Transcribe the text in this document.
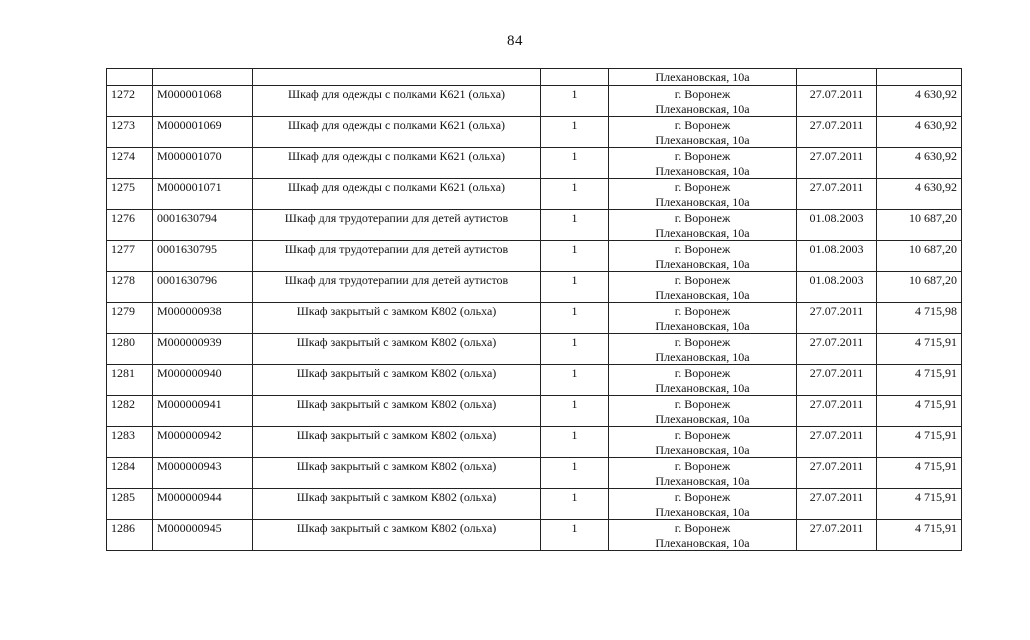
84
				Плехановская, 10а		
1272	М000001068	Шкаф для одежды с полками К621 (ольха)	1	г. Воронеж
Плехановская, 10а	27.07.2011	4 630,92
1273	М000001069	Шкаф для одежды с полками К621 (ольха)	1	г. Воронеж
Плехановская, 10а	27.07.2011	4 630,92
1274	М000001070	Шкаф для одежды с полками К621 (ольха)	1	г. Воронеж
Плехановская, 10а	27.07.2011	4 630,92
1275	М000001071	Шкаф для одежды с полками К621 (ольха)	1	г. Воронеж
Плехановская, 10а	27.07.2011	4 630,92
1276	0001630794	Шкаф для трудотерапии для детей аутистов	1	г. Воронеж
Плехановская, 10а	01.08.2003	10 687,20
1277	0001630795	Шкаф для трудотерапии для детей аутистов	1	г. Воронеж
Плехановская, 10а	01.08.2003	10 687,20
1278	0001630796	Шкаф для трудотерапии для детей аутистов	1	г. Воронеж
Плехановская, 10а	01.08.2003	10 687,20
1279	М000000938	Шкаф закрытый с замком К802 (ольха)	1	г. Воронеж
Плехановская, 10а	27.07.2011	4 715,98
1280	М000000939	Шкаф закрытый с замком К802 (ольха)	1	г. Воронеж
Плехановская, 10а	27.07.2011	4 715,91
1281	М000000940	Шкаф закрытый с замком К802 (ольха)	1	г. Воронеж
Плехановская, 10а	27.07.2011	4 715,91
1282	М000000941	Шкаф закрытый с замком К802 (ольха)	1	г. Воронеж
Плехановская, 10а	27.07.2011	4 715,91
1283	М000000942	Шкаф закрытый с замком К802 (ольха)	1	г. Воронеж
Плехановская, 10а	27.07.2011	4 715,91
1284	М000000943	Шкаф закрытый с замком К802 (ольха)	1	г. Воронеж
Плехановская, 10а	27.07.2011	4 715,91
1285	М000000944	Шкаф закрытый с замком К802 (ольха)	1	г. Воронеж
Плехановская, 10а	27.07.2011	4 715,91
1286	М000000945	Шкаф закрытый с замком К802 (ольха)	1	г. Воронеж
Плехановская, 10а	27.07.2011	4 715,91
